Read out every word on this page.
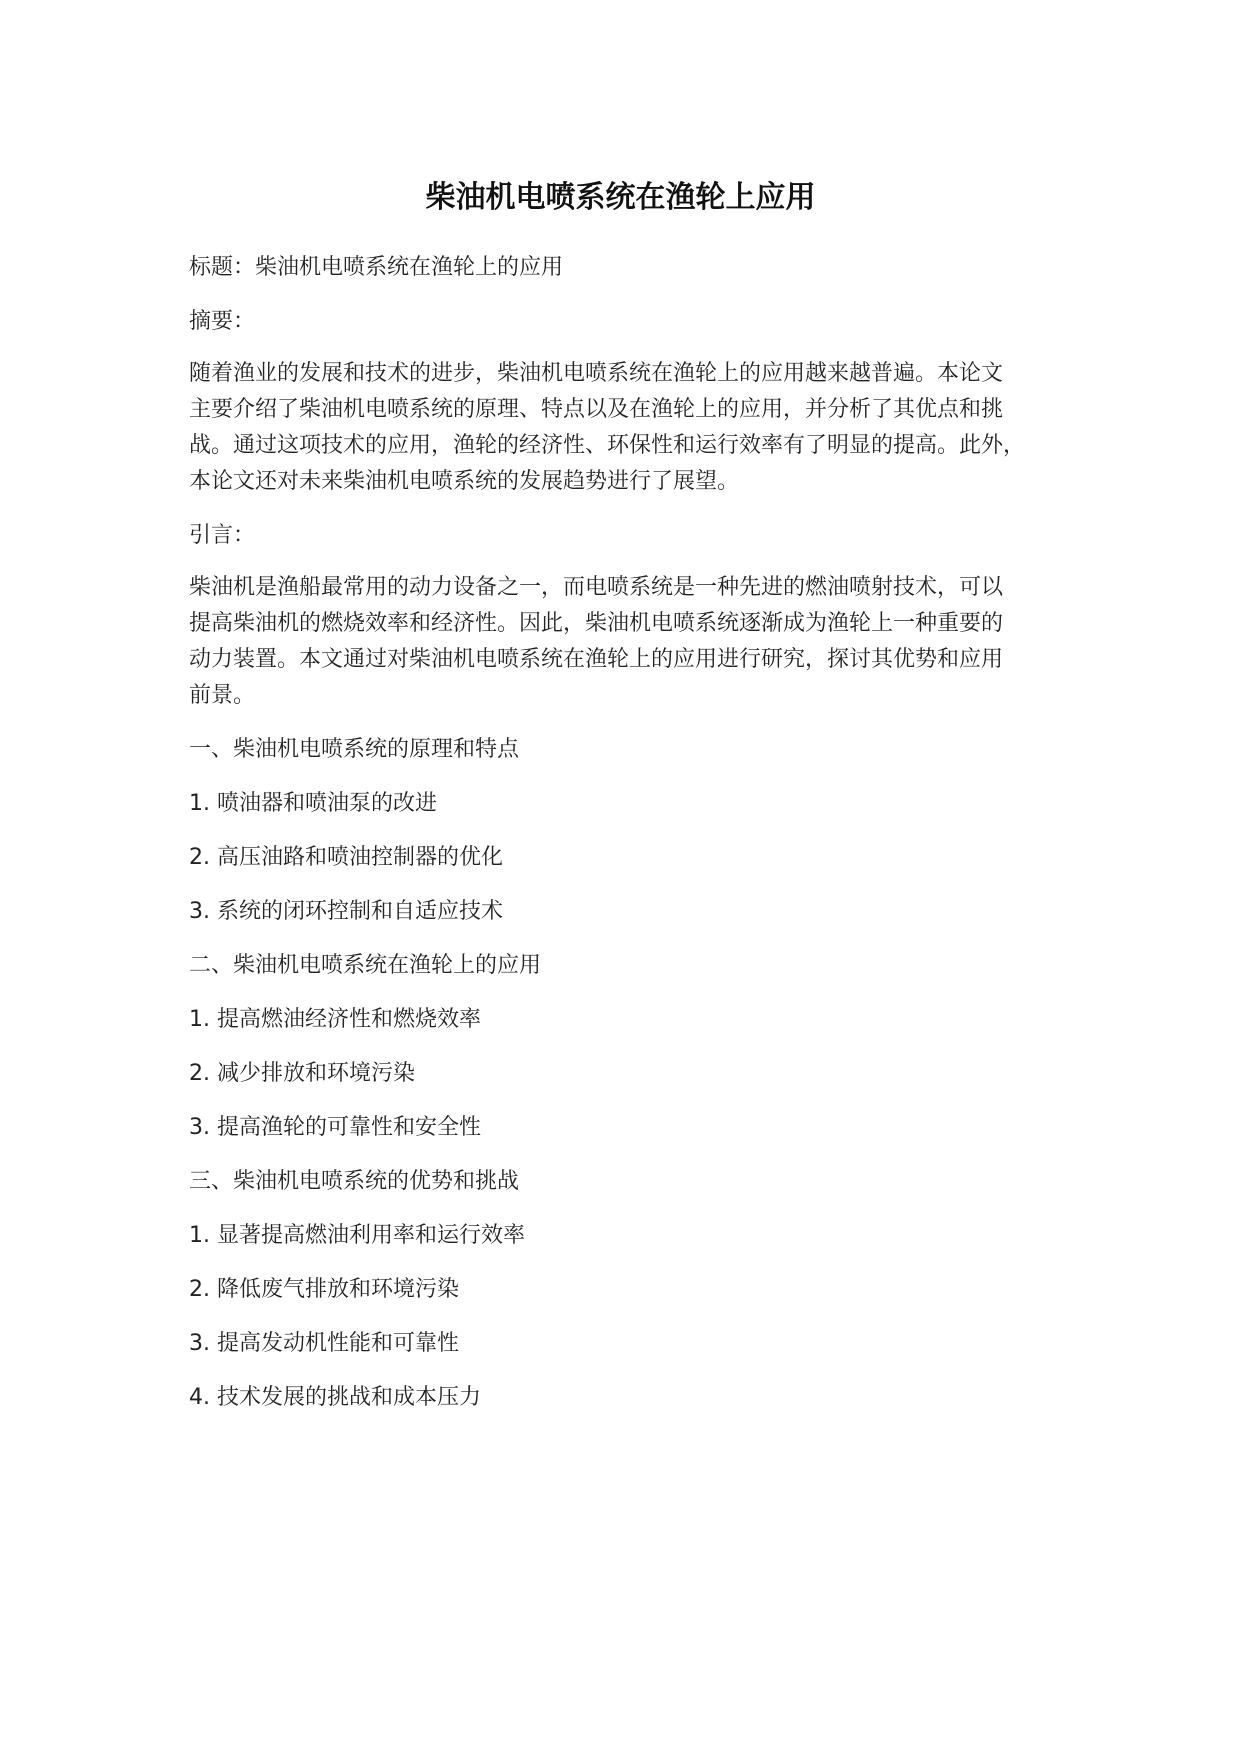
柴油机电喷系统在渔轮上应用

标题：柴油机电喷系统在渔轮上的应用

摘要：

随着渔业的发展和技术的进步，柴油机电喷系统在渔轮上的应用越来越普遍。本论文
主要介绍了柴油机电喷系统的原理、特点以及在渔轮上的应用，并分析了其优点和挑
战。通过这项技术的应用，渔轮的经济性、环保性和运行效率有了明显的提高。此外，
本论文还对未来柴油机电喷系统的发展趋势进行了展望。

引言：

柴油机是渔船最常用的动力设备之一，而电喷系统是一种先进的燃油喷射技术，可以
提高柴油机的燃烧效率和经济性。因此，柴油机电喷系统逐渐成为渔轮上一种重要的
动力装置。本文通过对柴油机电喷系统在渔轮上的应用进行研究，探讨其优势和应用
前景。

一、柴油机电喷系统的原理和特点

1. 喷油器和喷油泵的改进

2. 高压油路和喷油控制器的优化

3. 系统的闭环控制和自适应技术

二、柴油机电喷系统在渔轮上的应用

1. 提高燃油经济性和燃烧效率

2. 减少排放和环境污染

3. 提高渔轮的可靠性和安全性

三、柴油机电喷系统的优势和挑战

1. 显著提高燃油利用率和运行效率

2. 降低废气排放和环境污染

3. 提高发动机性能和可靠性

4. 技术发展的挑战和成本压力
